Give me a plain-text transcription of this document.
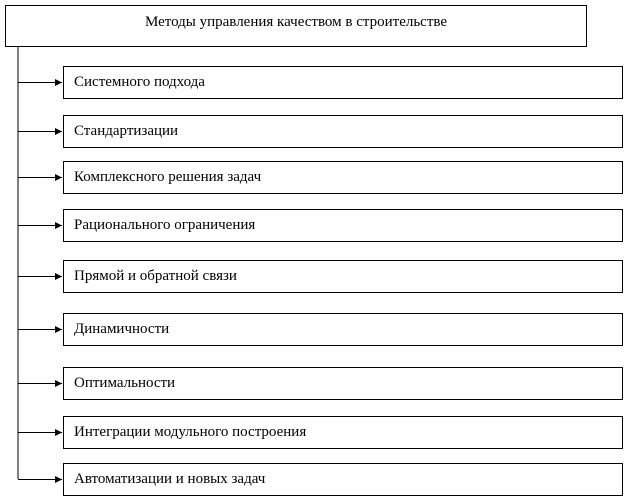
Методы управления качеством в строительстве
Системного подхода
Стандартизации
Комплексного решения задач
Рационального ограничения
Прямой и обратной связи
Динамичности
Оптимальности
Интеграции модульного построения
Автоматизации и новых задач
